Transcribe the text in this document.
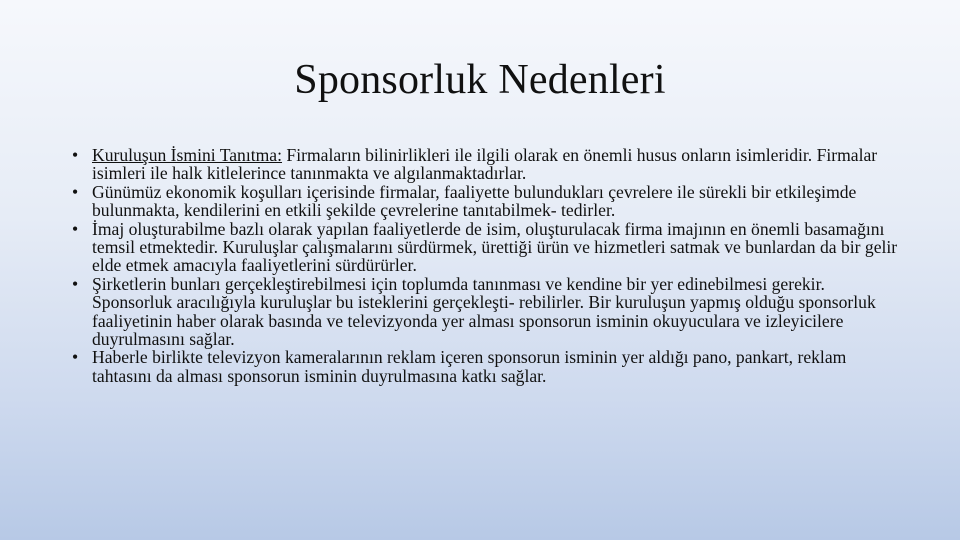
Sponsorluk Nedenleri
• Kuruluşun İsmini Tanıtma: Firmaların bilinirlikleri ile ilgili olarak en önemli husus onların isimleridir. Firmalar isimleri ile halk kitlelerince tanınmakta ve algılanmaktadırlar.
• Günümüz ekonomik koşulları içerisinde firmalar, faaliyette bulundukları çevrelere ile sürekli bir etkileşimde bulunmakta, kendilerini en etkili şekilde çevrelerine tanıtabilmek- tedirler.
• İmaj oluşturabilme bazlı olarak yapılan faaliyetlerde de isim, oluşturulacak firma imajının en önemli basamağını temsil etmektedir. Kuruluşlar çalışmalarını sürdürmek, ürettiği ürün ve hizmetleri satmak ve bunlardan da bir gelir elde etmek amacıyla faaliyetlerini sürdürürler.
• Şirketlerin bunları gerçekleştirebilmesi için toplumda tanınması ve kendine bir yer edinebilmesi gerekir. Sponsorluk aracılığıyla kuruluşlar bu isteklerini gerçekleşti- rebilirler. Bir kuruluşun yapmış olduğu sponsorluk faaliyetinin haber olarak basında ve televizyonda yer alması sponsorun isminin okuyuculara ve izleyicilere duyrulmasını sağlar.
• Haberle birlikte televizyon kameralarının reklam içeren sponsorun isminin yer aldığı pano, pankart, reklam tahtasını da alması sponsorun isminin duyrulmasına katkı sağlar.
